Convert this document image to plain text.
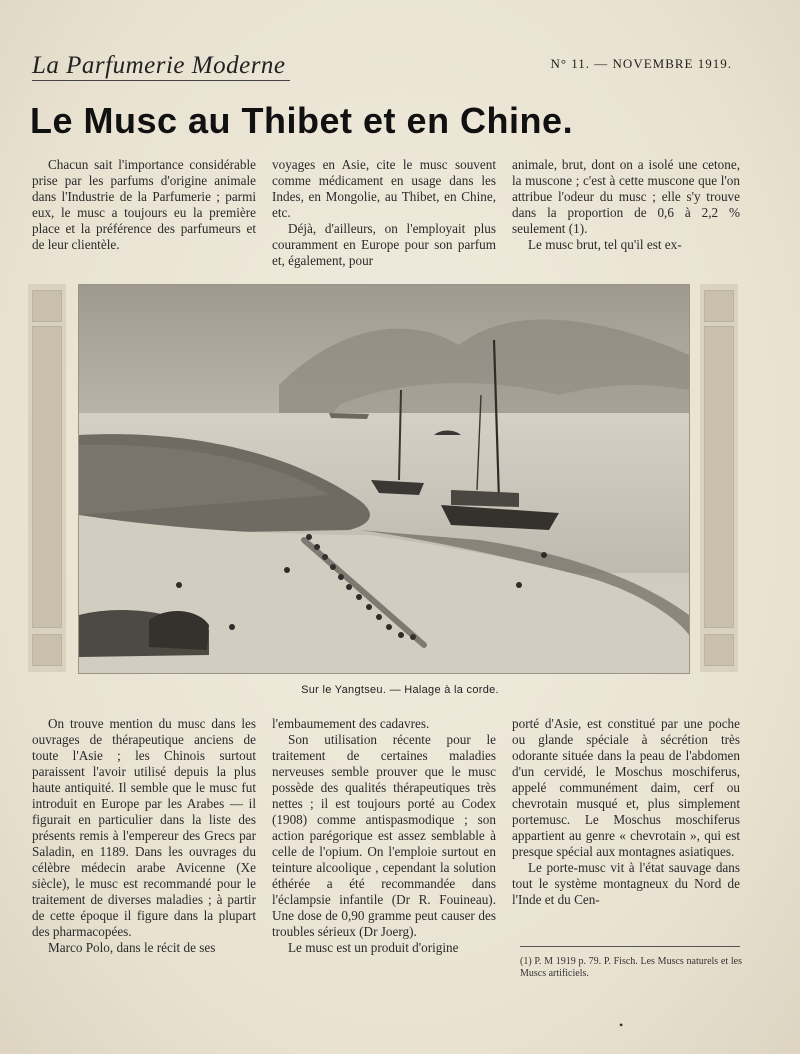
La Parfumerie Moderne	N° 11. — NOVEMBRE 1919.
Le Musc au Thibet et en Chine.

Chacun sait l'importance considérable prise par les parfums d'origine animale dans l'Industrie de la Parfumerie ; parmi eux, le musc a toujours eu la première place et la préférence des parfumeurs et de leur clientèle.

voyages en Asie, cite le musc souvent comme médicament en usage dans les Indes, en Mongolie, au Thibet, en Chine, etc.

Déjà, d'ailleurs, on l'employait plus couramment en Europe pour son parfum et, également, pour

animale, brut, dont on a isolé une cetone, la muscone ; c'est à cette muscone que l'on attribue l'odeur du musc ; elle s'y trouve dans la proportion de 0,6 à 2,2 % seulement (1).

Le musc brut, tel qu'il est ex-

Sur le Yangtseu. — Halage à la corde.

On trouve mention du musc dans les ouvrages de thérapeutique anciens de toute l'Asie ; les Chinois surtout paraissent l'avoir utilisé depuis la plus haute antiquité. Il semble que le musc fut introduit en Europe par les Arabes — il figurait en particulier dans la liste des présents remis à l'empereur des Grecs par Saladin, en 1189. Dans les ouvrages du célèbre médecin arabe Avicenne (Xe siècle), le musc est recommandé pour le traitement de diverses maladies ; à partir de cette époque il figure dans la plupart des pharmacopées.

Marco Polo, dans le récit de ses

l'embaumement des cadavres.

Son utilisation récente pour le traitement de certaines maladies nerveuses semble prouver que le musc possède des qualités thérapeutiques très nettes ; il est toujours porté au Codex (1908) comme antispasmodique ; son action parégorique est assez semblable à celle de l'opium. On l'emploie surtout en teinture alcoolique , cependant la solution éthérée a été recommandée dans l'éclampsie infantile (Dr R. Fouineau). Une dose de 0,90 gramme peut causer des troubles sérieux (Dr Joerg).

Le musc est un produit d'origine

porté d'Asie, est constitué par une poche ou glande spéciale à sécrétion très odorante située dans la peau de l'abdomen d'un cervidé, le Moschus moschiferus, appelé communément daim, cerf ou chevrotain musqué et, plus simplement portemusc. Le Moschus moschiferus appartient au genre « chevrotain », qui est presque spécial aux montagnes asiatiques.

Le porte-musc vit à l'état sauvage dans tout le système montagneux du Nord de l'Inde et du Cen-

(1) P. M 1919 p. 79. P. Fisch. Les Muscs naturels et les Muscs artificiels.
•
